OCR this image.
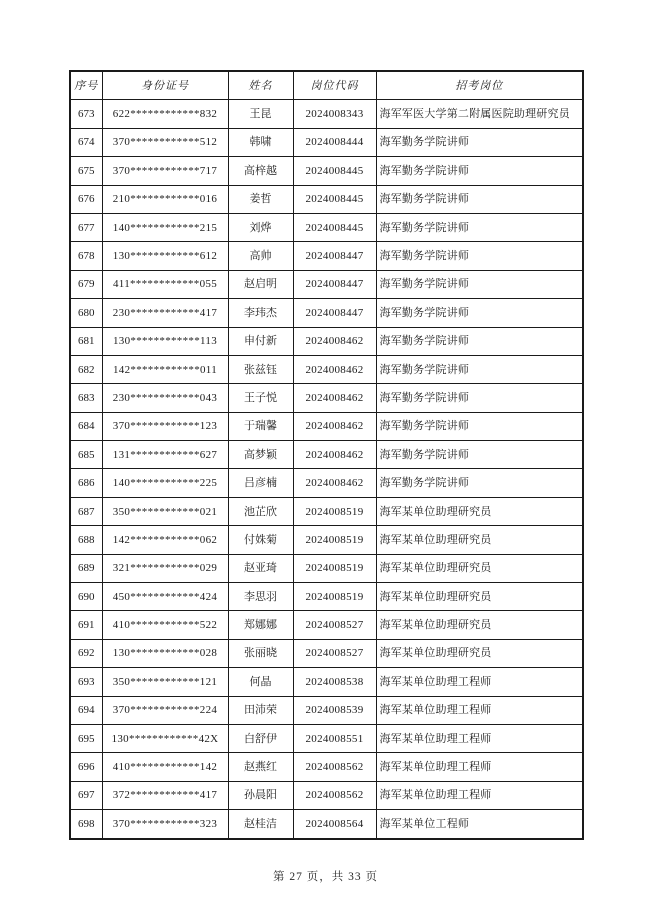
序号	身份证号	姓名	岗位代码	招考岗位
673	622************832	王昆	2024008343	海军军医大学第二附属医院助理研究员
674	370************512	韩啸	2024008444	海军勤务学院讲师
675	370************717	高梓越	2024008445	海军勤务学院讲师
676	210************016	姜哲	2024008445	海军勤务学院讲师
677	140************215	刘烨	2024008445	海军勤务学院讲师
678	130************612	高帅	2024008447	海军勤务学院讲师
679	411************055	赵启明	2024008447	海军勤务学院讲师
680	230************417	李玮杰	2024008447	海军勤务学院讲师
681	130************113	申付新	2024008462	海军勤务学院讲师
682	142************011	张兹钰	2024008462	海军勤务学院讲师
683	230************043	王子悦	2024008462	海军勤务学院讲师
684	370************123	于瑞馨	2024008462	海军勤务学院讲师
685	131************627	高梦颖	2024008462	海军勤务学院讲师
686	140************225	吕彦楠	2024008462	海军勤务学院讲师
687	350************021	池芷欣	2024008519	海军某单位助理研究员
688	142************062	付姝菊	2024008519	海军某单位助理研究员
689	321************029	赵亚琦	2024008519	海军某单位助理研究员
690	450************424	李思羽	2024008519	海军某单位助理研究员
691	410************522	郑娜娜	2024008527	海军某单位助理研究员
692	130************028	张丽晓	2024008527	海军某单位助理研究员
693	350************121	何晶	2024008538	海军某单位助理工程师
694	370************224	田沛荣	2024008539	海军某单位助理工程师
695	130************42X	白舒伊	2024008551	海军某单位助理工程师
696	410************142	赵燕红	2024008562	海军某单位助理工程师
697	372************417	孙晨阳	2024008562	海军某单位助理工程师
698	370************323	赵桂洁	2024008564	海军某单位工程师
第 27 页，共 33 页
